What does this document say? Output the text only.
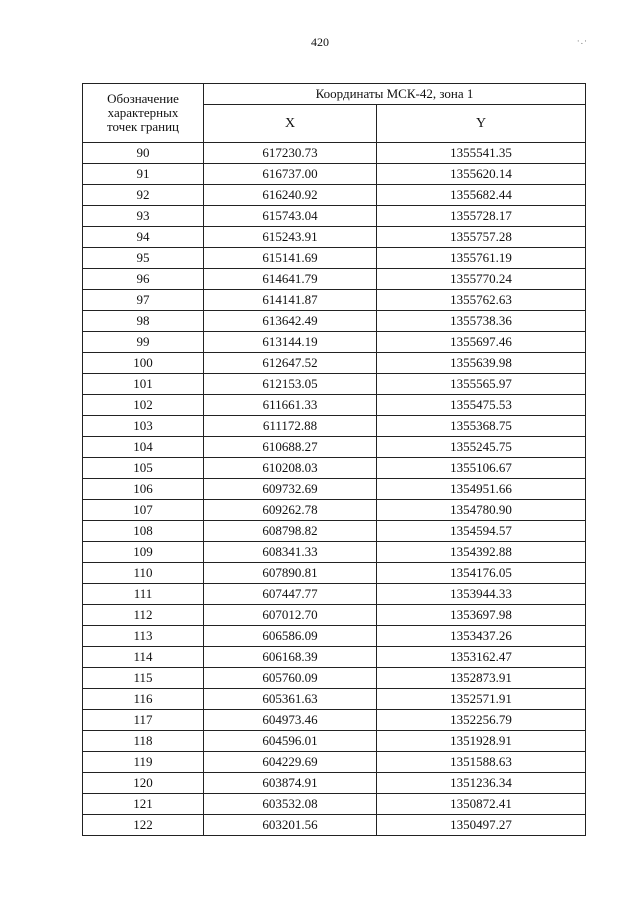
420	·.·
Обозначение
характерных
точек границ	Координаты МСК-42, зона 1	
	X	Y
90	617230.73	1355541.35
91	616737.00	1355620.14
92	616240.92	1355682.44
93	615743.04	1355728.17
94	615243.91	1355757.28
95	615141.69	1355761.19
96	614641.79	1355770.24
97	614141.87	1355762.63
98	613642.49	1355738.36
99	613144.19	1355697.46
100	612647.52	1355639.98
101	612153.05	1355565.97
102	611661.33	1355475.53
103	611172.88	1355368.75
104	610688.27	1355245.75
105	610208.03	1355106.67
106	609732.69	1354951.66
107	609262.78	1354780.90
108	608798.82	1354594.57
109	608341.33	1354392.88
110	607890.81	1354176.05
111	607447.77	1353944.33
112	607012.70	1353697.98
113	606586.09	1353437.26
114	606168.39	1353162.47
115	605760.09	1352873.91
116	605361.63	1352571.91
117	604973.46	1352256.79
118	604596.01	1351928.91
119	604229.69	1351588.63
120	603874.91	1351236.34
121	603532.08	1350872.41
122	603201.56	1350497.27
